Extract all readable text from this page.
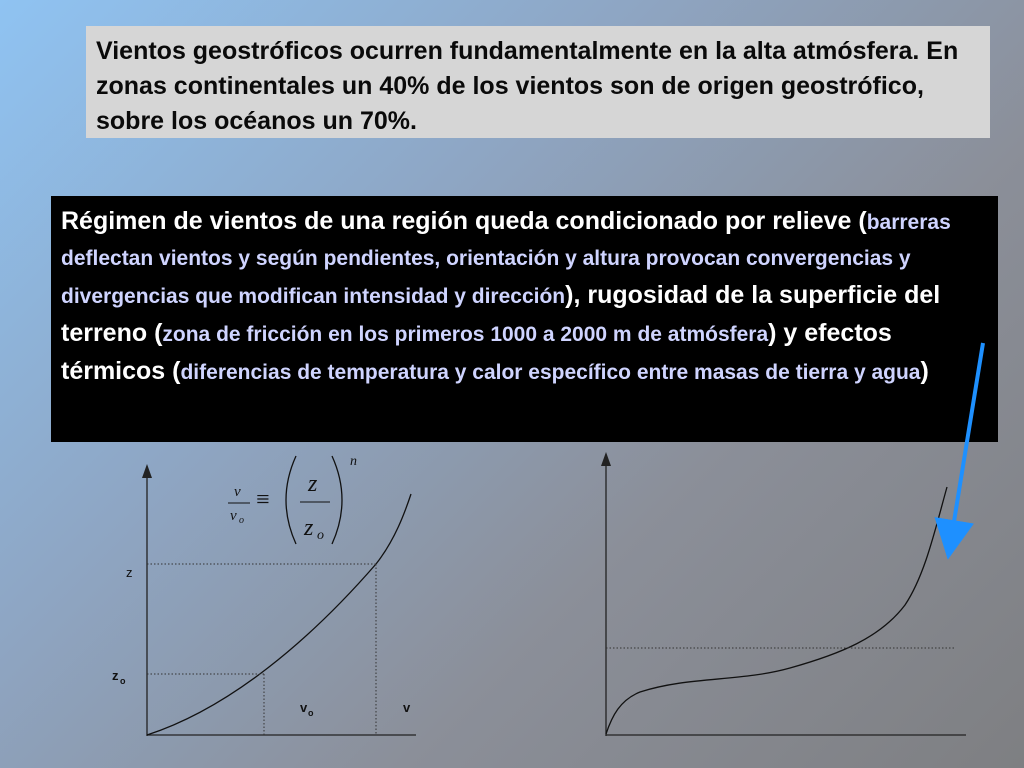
Vientos geostróficos ocurren fundamentalmente en la alta atmósfera. En zonas continentales un 40% de los vientos son de origen geostrófico, sobre los océanos un 70%.
Régimen de vientos de una región queda condicionado por relieve (barreras deflectan vientos y según pendientes, orientación y altura provocan convergencias y divergencias que modifican intensidad y dirección), rugosidad de la superficie del terreno (zona de fricción en los primeros 1000 a 2000 m de atmósfera) y efectos térmicos (diferencias de temperatura y calor específico entre masas de tierra y agua)
v
v o
≡
z
z o
n
z
z o
v o	v
